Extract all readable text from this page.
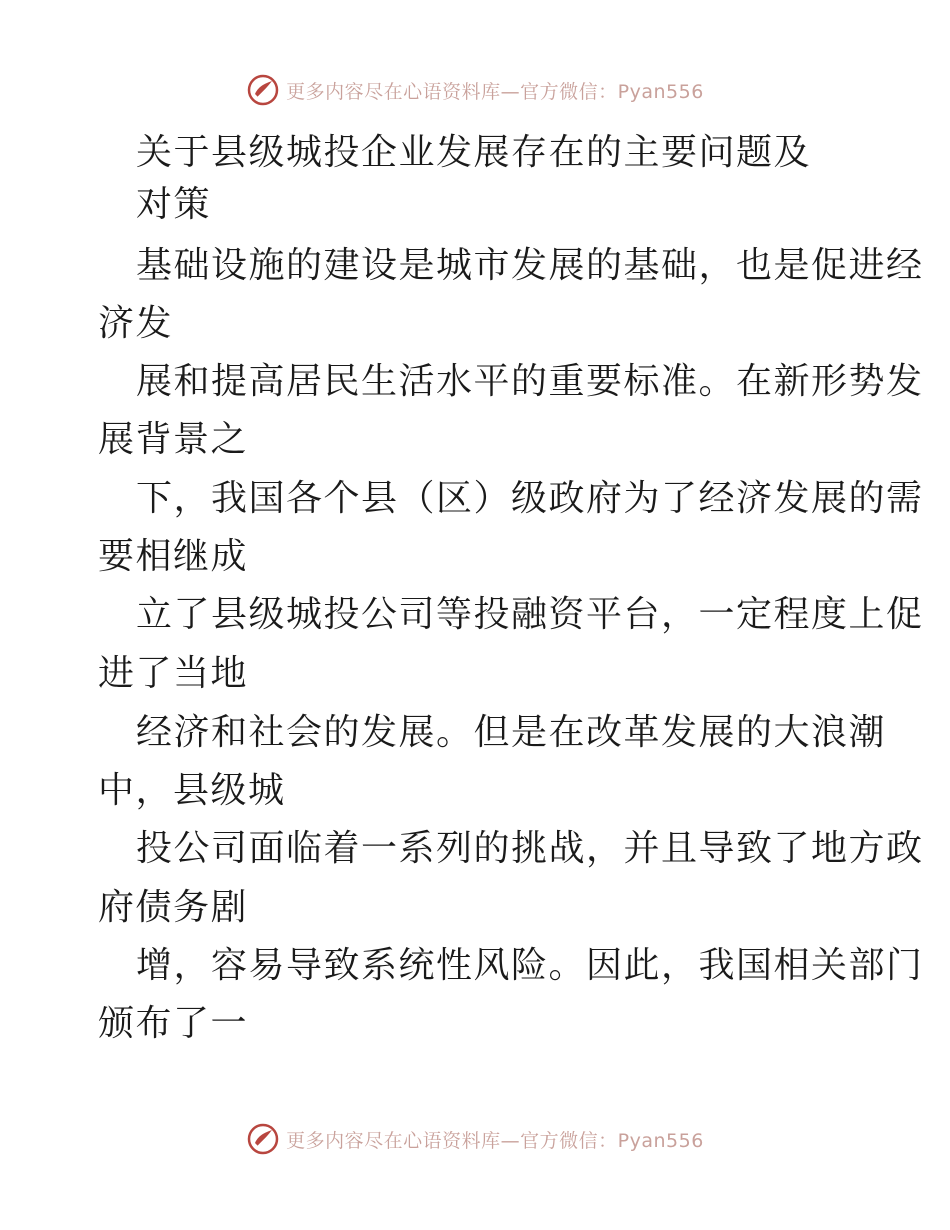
更多内容尽在心语资料库—官方微信：Pyan556
关于县级城投企业发展存在的主要问题及
对策
基础设施的建设是城市发展的基础，也是促进经
济发
展和提高居民生活水平的重要标准。在新形势发
展背景之
下，我国各个县（区）级政府为了经济发展的需
要相继成
立了县级城投公司等投融资平台，一定程度上促
进了当地
经济和社会的发展。但是在改革发展的大浪潮
中，县级城
投公司面临着一系列的挑战，并且导致了地方政
府债务剧
增，容易导致系统性风险。因此，我国相关部门
颁布了一
更多内容尽在心语资料库—官方微信：Pyan556
